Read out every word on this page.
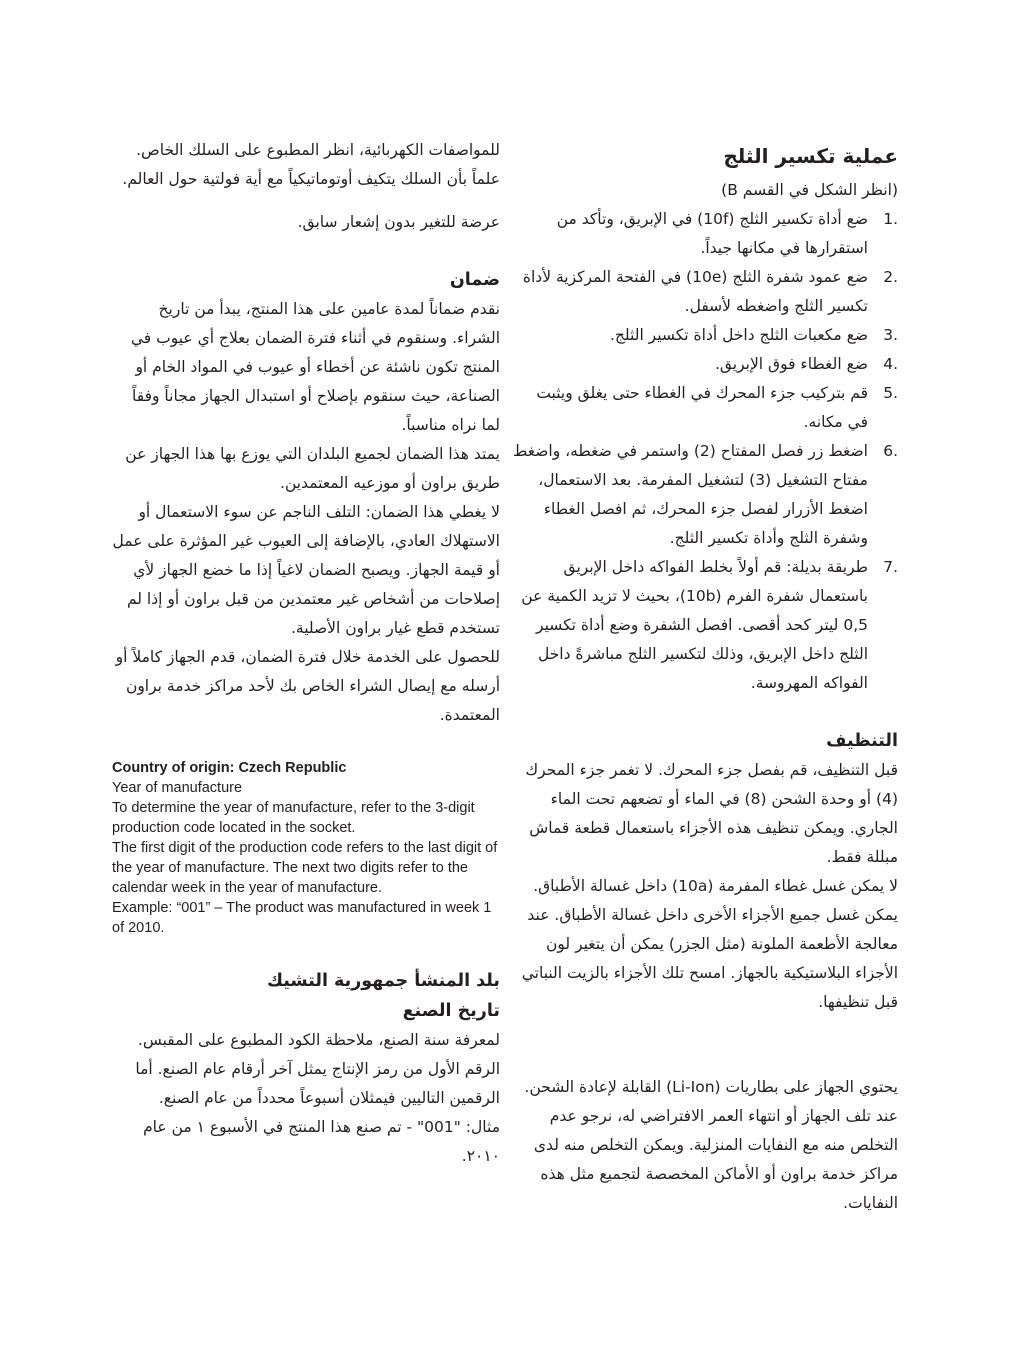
عملية تكسير الثلج
(انظر الشكل في القسم B)
1.
ضع أداة تكسير الثلج (10f) في الإبريق، وتأكد من استقرارها في مكانها جيداً.
2.
ضع عمود شفرة الثلج (10e) في الفتحة المركزية لأداة تكسير الثلج واضغطه لأسفل.
3.
ضع مكعبات الثلج داخل أداة تكسير الثلج.
4.
ضع الغطاء فوق الإبريق.
5.
قم بتركيب جزء المحرك في الغطاء حتى يغلق ويثبت في مكانه.
6.
اضغط زر فصل المفتاح (2) واستمر في ضغطه، واضغط مفتاح التشغيل (3) لتشغيل المفرمة. بعد الاستعمال، اضغط الأزرار لفصل جزء المحرك، ثم افصل الغطاء وشفرة الثلج وأداة تكسير الثلج.
7.
طريقة بديلة: قم أولاً بخلط الفواكه داخل الإبريق باستعمال شفرة الفرم (10b)، بحيث لا تزيد الكمية عن 0,5 ليتر كحد أقصى. افصل الشفرة وضع أداة تكسير الثلج داخل الإبريق، وذلك لتكسير الثلج مباشرةً داخل الفواكه المهروسة.
التنظيف

قبل التنظيف، قم بفصل جزء المحرك. لا تغمر جزء المحرك (4) أو وحدة الشحن (8) في الماء أو تضعهم تحت الماء الجاري. ويمكن تنظيف هذه الأجزاء باستعمال قطعة قماش مبللة فقط.

لا يمكن غسل غطاء المفرمة (10a) داخل غسالة الأطباق. يمكن غسل جميع الأجزاء الأخرى داخل غسالة الأطباق. عند معالجة الأطعمة الملونة (مثل الجزر) يمكن أن يتغير لون الأجزاء البلاستيكية بالجهاز. امسح تلك الأجزاء بالزيت النباتي قبل تنظيفها.

يحتوي الجهاز على بطاريات (Li-Ion) القابلة لإعادة الشحن. عند تلف الجهاز أو انتهاء العمر الافتراضي له، نرجو عدم التخلص منه مع النفايات المنزلية. ويمكن التخلص منه لدى مراكز خدمة براون أو الأماكن المخصصة لتجميع مثل هذه النفايات.

للمواصفات الكهربائية، انظر المطبوع على السلك الخاص. علماً بأن السلك يتكيف أوتوماتيكياً مع أية فولتية حول العالم.

عرضة للتغير بدون إشعار سابق.

ضمان

نقدم ضماناً لمدة عامين على هذا المنتج، يبدأ من تاريخ الشراء. وسنقوم في أثناء فترة الضمان بعلاج أي عيوب في المنتج تكون ناشئة عن أخطاء أو عيوب في المواد الخام أو الصناعة، حيث سنقوم بإصلاح أو استبدال الجهاز مجاناً وفقاً لما نراه مناسباً.

يمتد هذا الضمان لجميع البلدان التي يوزع بها هذا الجهاز عن طريق براون أو موزعيه المعتمدين.

لا يغطي هذا الضمان: التلف الناجم عن سوء الاستعمال أو الاستهلاك العادي، بالإضافة إلى العيوب غير المؤثرة على عمل أو قيمة الجهاز. ويصبح الضمان لاغياً إذا ما خضع الجهاز لأي إصلاحات من أشخاص غير معتمدين من قبل براون أو إذا لم تستخدم قطع غيار براون الأصلية.

للحصول على الخدمة خلال فترة الضمان، قدم الجهاز كاملاً أو أرسله مع إيصال الشراء الخاص بك لأحد مراكز خدمة براون المعتمدة.

Country of origin: Czech Republic
Year of manufacture
To determine the year of manufacture, refer to the 3-digit production code located in the socket.
The first digit of the production code refers to the last digit of the year of manufacture. The next two digits refer to the calendar week in the year of manufacture.
Example: “001” – The product was manufactured in week 1 of 2010.
بلد المنشأ جمهورية التشيك
تاريخ الصنع

لمعرفة سنة الصنع، ملاحظة الكود المطبوع على المقبس.

الرقم الأول من رمز الإنتاج يمثل آخر أرقام عام الصنع. أما الرقمين التاليين فيمثلان أسبوعاً محدداً من عام الصنع.

مثال: "001" - تم صنع هذا المنتج في الأسبوع ١ من عام ٢٠١٠.
